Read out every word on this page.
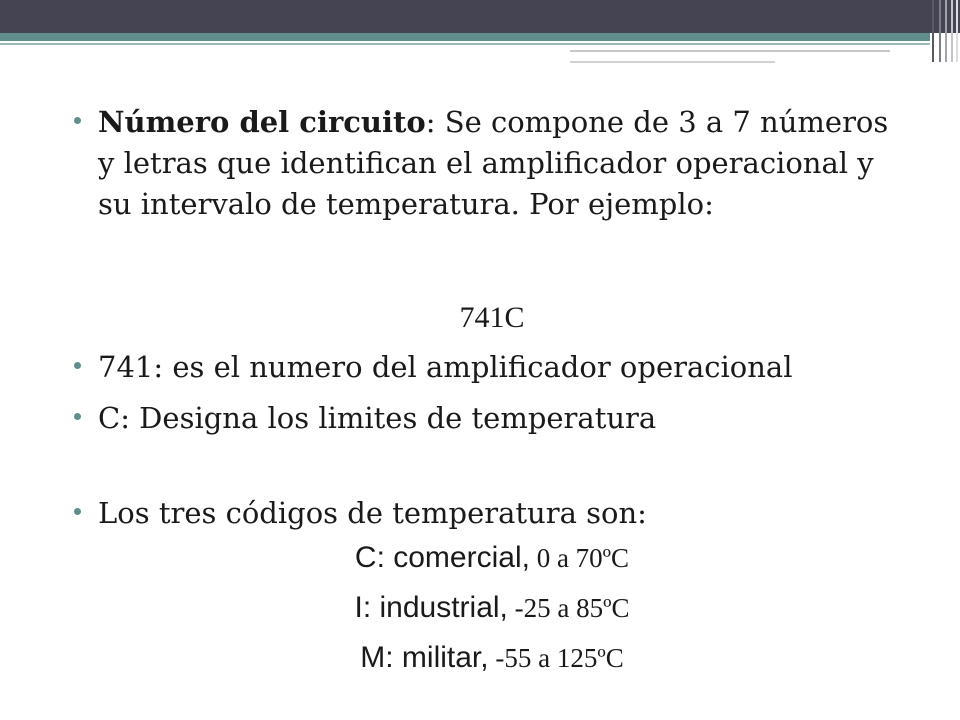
Número del circuito: Se compone de 3 a 7 números y letras que identifican el amplificador operacional y su intervalo de temperatura. Por ejemplo:
741C
741: es el numero del amplificador operacional
C: Designa los limites de temperatura
Los tres códigos de temperatura son:
C: comercial, 0 a 70ºC
I: industrial, -25 a 85ºC
M: militar, -55 a 125ºC
